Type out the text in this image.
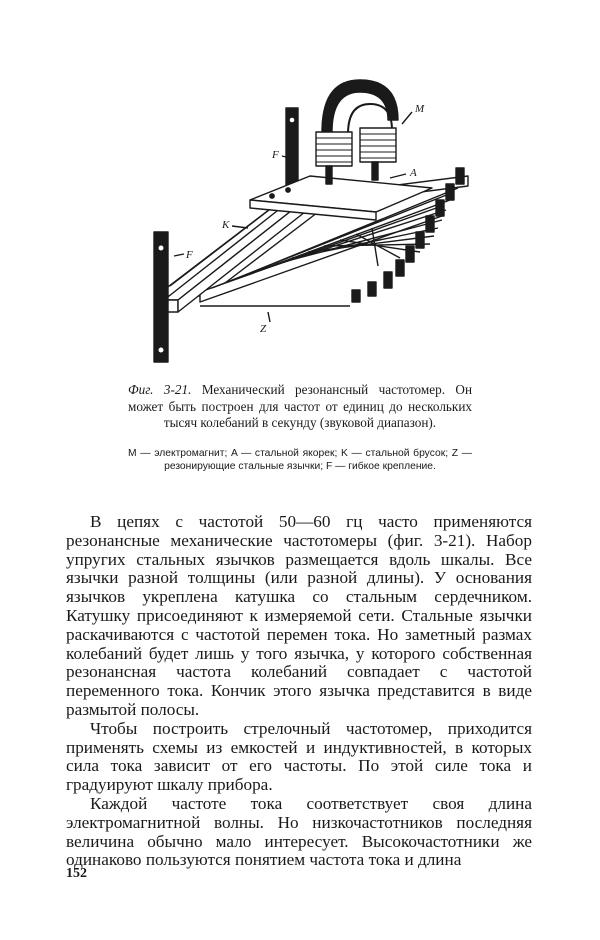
M
F
A
K
F
Z
Фиг. 3-21. Механический резонансный частотомер. Он может быть построен для частот от единиц до нескольких тысяч колебаний в секунду (звуковой диапазон).
M — электромагнит; A — стальной якорек; K — стальной брусок; Z — резонирующие стальные язычки; F — гибкое крепление.

В цепях с частотой 50—60 гц часто применяются резонансные механические частотомеры (фиг. 3-21). Набор упругих стальных язычков размещается вдоль шкалы. Все язычки разной толщины (или разной длины). У основания язычков укреплена катушка со стальным сердечником. Катушку присоединяют к измеряемой сети. Стальные язычки раскачиваются с частотой перемен тока. Но заметный размах колебаний будет лишь у того язычка, у которого собственная резонансная частота колебаний совпадает с частотой переменного тока. Кончик этого язычка представится в виде размытой полосы.

Чтобы построить стрелочный частотомер, приходится применять схемы из емкостей и индуктивностей, в которых сила тока зависит от его частоты. По этой силе тока и градуируют шкалу прибора.

Каждой частоте тока соответствует своя длина электромагнитной волны. Но низкочастотников последняя величина обычно мало интересует. Высокочастотники же одинаково пользуются понятием частота тока и длина

152
